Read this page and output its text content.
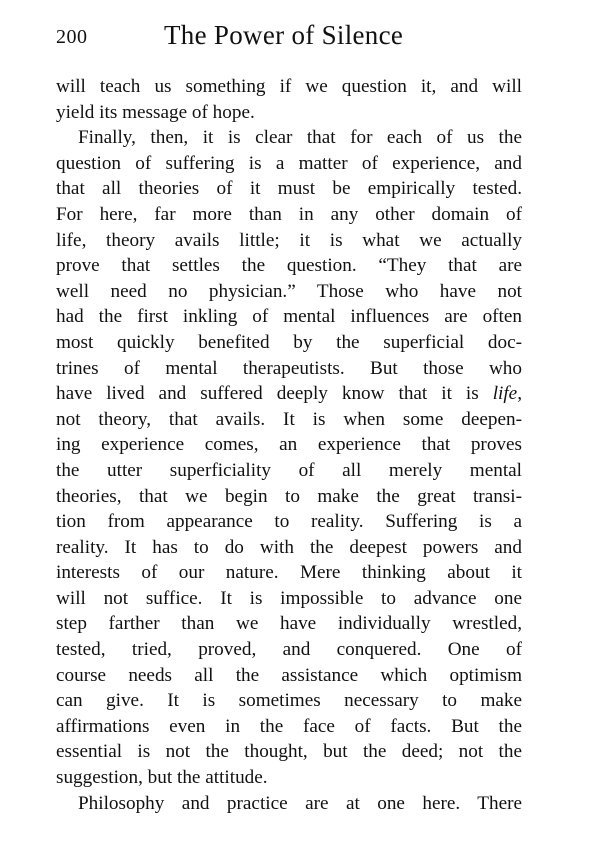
200	The Power of Silence
will teach us something if we question it, and will
yield its message of hope.
Finally, then, it is clear that for each of us the
question of suffering is a matter of experience, and
that all theories of it must be empirically tested.
For here, far more than in any other domain of
life, theory avails little; it is what we actually
prove that settles the question. “They that are
well need no physician.” Those who have not
had the first inkling of mental influences are often
most quickly benefited by the superficial doc-
trines of mental therapeutists. But those who
have lived and suffered deeply know that it is life,
not theory, that avails. It is when some deepen-
ing experience comes, an experience that proves
the utter superficiality of all merely mental
theories, that we begin to make the great transi-
tion from appearance to reality. Suffering is a
reality. It has to do with the deepest powers and
interests of our nature. Mere thinking about it
will not suffice. It is impossible to advance one
step farther than we have individually wrestled,
tested, tried, proved, and conquered. One of
course needs all the assistance which optimism
can give. It is sometimes necessary to make
affirmations even in the face of facts. But the
essential is not the thought, but the deed; not the
suggestion, but the attitude.
Philosophy and practice are at one here. There
